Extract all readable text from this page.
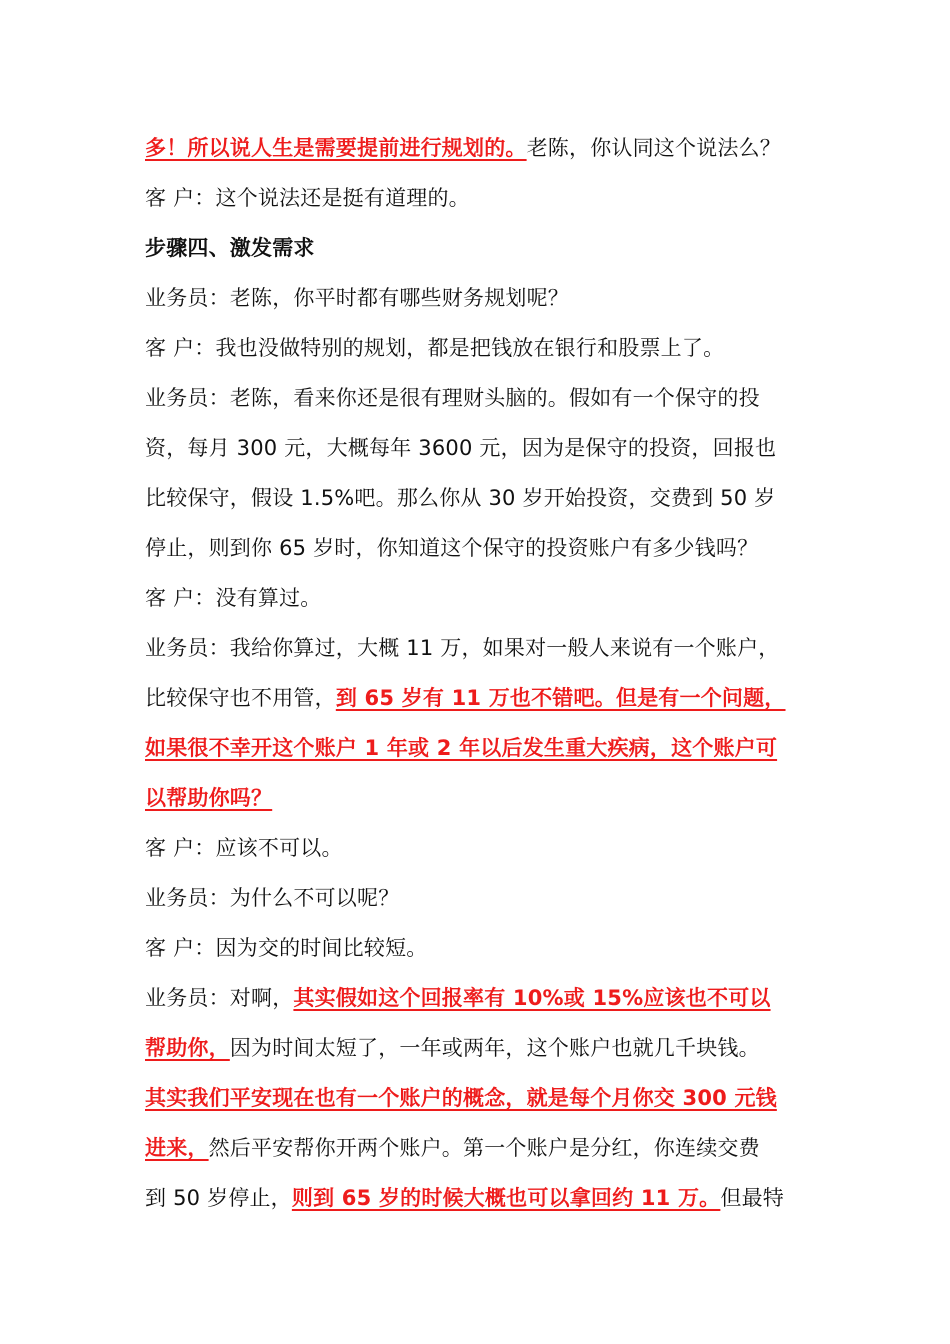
多！所以说人生是需要提前进行规划的。老陈，你认同这个说法么？
客 户：这个说法还是挺有道理的。
步骤四、激发需求
业务员：老陈，你平时都有哪些财务规划呢？
客 户：我也没做特别的规划，都是把钱放在银行和股票上了。
业务员：老陈，看来你还是很有理财头脑的。假如有一个保守的投
资，每月 300 元，大概每年 3600 元，因为是保守的投资，回报也
比较保守，假设 1.5%吧。那么你从 30 岁开始投资，交费到 50 岁
停止，则到你 65 岁时，你知道这个保守的投资账户有多少钱吗？
客 户：没有算过。
业务员：我给你算过，大概 11 万，如果对一般人来说有一个账户，
比较保守也不用管，到 65 岁有 11 万也不错吧。但是有一个问题，
如果很不幸开这个账户 1 年或 2 年以后发生重大疾病，这个账户可
以帮助你吗？
客 户：应该不可以。
业务员：为什么不可以呢？
客 户：因为交的时间比较短。
业务员：对啊，其实假如这个回报率有 10%或 15%应该也不可以
帮助你，因为时间太短了，一年或两年，这个账户也就几千块钱。
其实我们平安现在也有一个账户的概念，就是每个月你交 300 元钱
进来，然后平安帮你开两个账户。第一个账户是分红，你连续交费
到 50 岁停止，则到 65 岁的时候大概也可以拿回约 11 万。但最特
